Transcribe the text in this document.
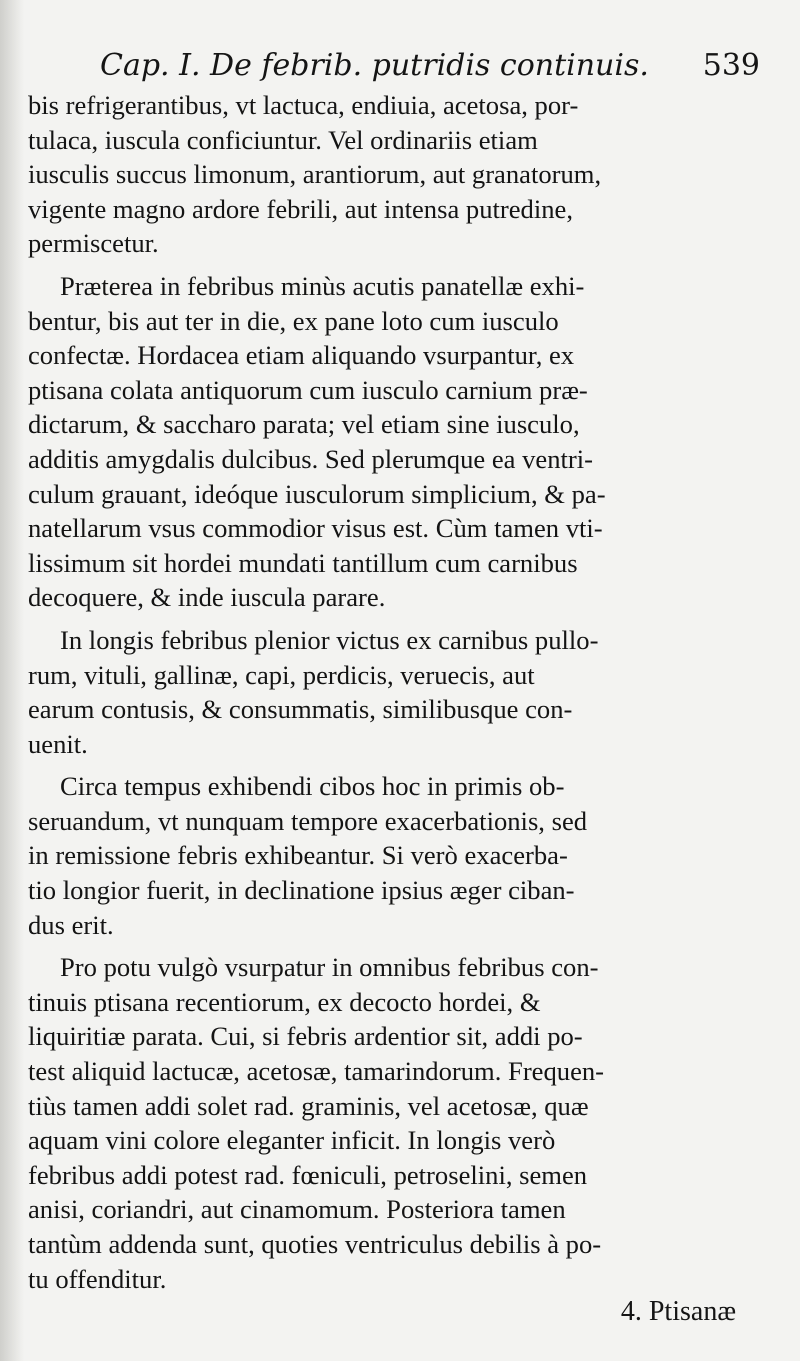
Cap. I. De febrib. putridis continuis. 539
bis refrigerantibus, vt lactuca, endiuia, acetosa, por-
tulaca, iuscula conficiuntur. Vel ordinariis etiam
iusculis succus limonum, arantiorum, aut granatorum,
vigente magno ardore febrili, aut intensa putredine,
permiscetur.
Præterea in febribus minùs acutis panatellæ exhi-
bentur, bis aut ter in die, ex pane loto cum iusculo
confectæ. Hordacea etiam aliquando vsurpantur, ex
ptisana colata antiquorum cum iusculo carnium præ-
dictarum, & saccharo parata; vel etiam sine iusculo,
additis amygdalis dulcibus. Sed plerumque ea ventri-
culum grauant, ideóque iusculorum simplicium, & pa-
natellarum vsus commodior visus est. Cùm tamen vti-
lissimum sit hordei mundati tantillum cum carnibus
decoquere, & inde iuscula parare.
In longis febribus plenior victus ex carnibus pullo-
rum, vituli, gallinæ, capi, perdicis, veruecis, aut
earum contusis, & consummatis, similibusque con-
uenit.
Circa tempus exhibendi cibos hoc in primis ob-
seruandum, vt nunquam tempore exacerbationis, sed
in remissione febris exhibeantur. Si verò exacerba-
tio longior fuerit, in declinatione ipsius æger ciban-
dus erit.
Pro potu vulgò vsurpatur in omnibus febribus con-
tinuis ptisana recentiorum, ex decocto hordei, &
liquiritiæ parata. Cui, si febris ardentior sit, addi po-
test aliquid lactucæ, acetosæ, tamarindorum. Frequen-
tiùs tamen addi solet rad. graminis, vel acetosæ, quæ
aquam vini colore eleganter inficit. In longis verò
febribus addi potest rad. fœniculi, petroselini, semen
anisi, coriandri, aut cinamomum. Posteriora tamen
tantùm addenda sunt, quoties ventriculus debilis à po-
tu offenditur.
4. Ptisanæ
